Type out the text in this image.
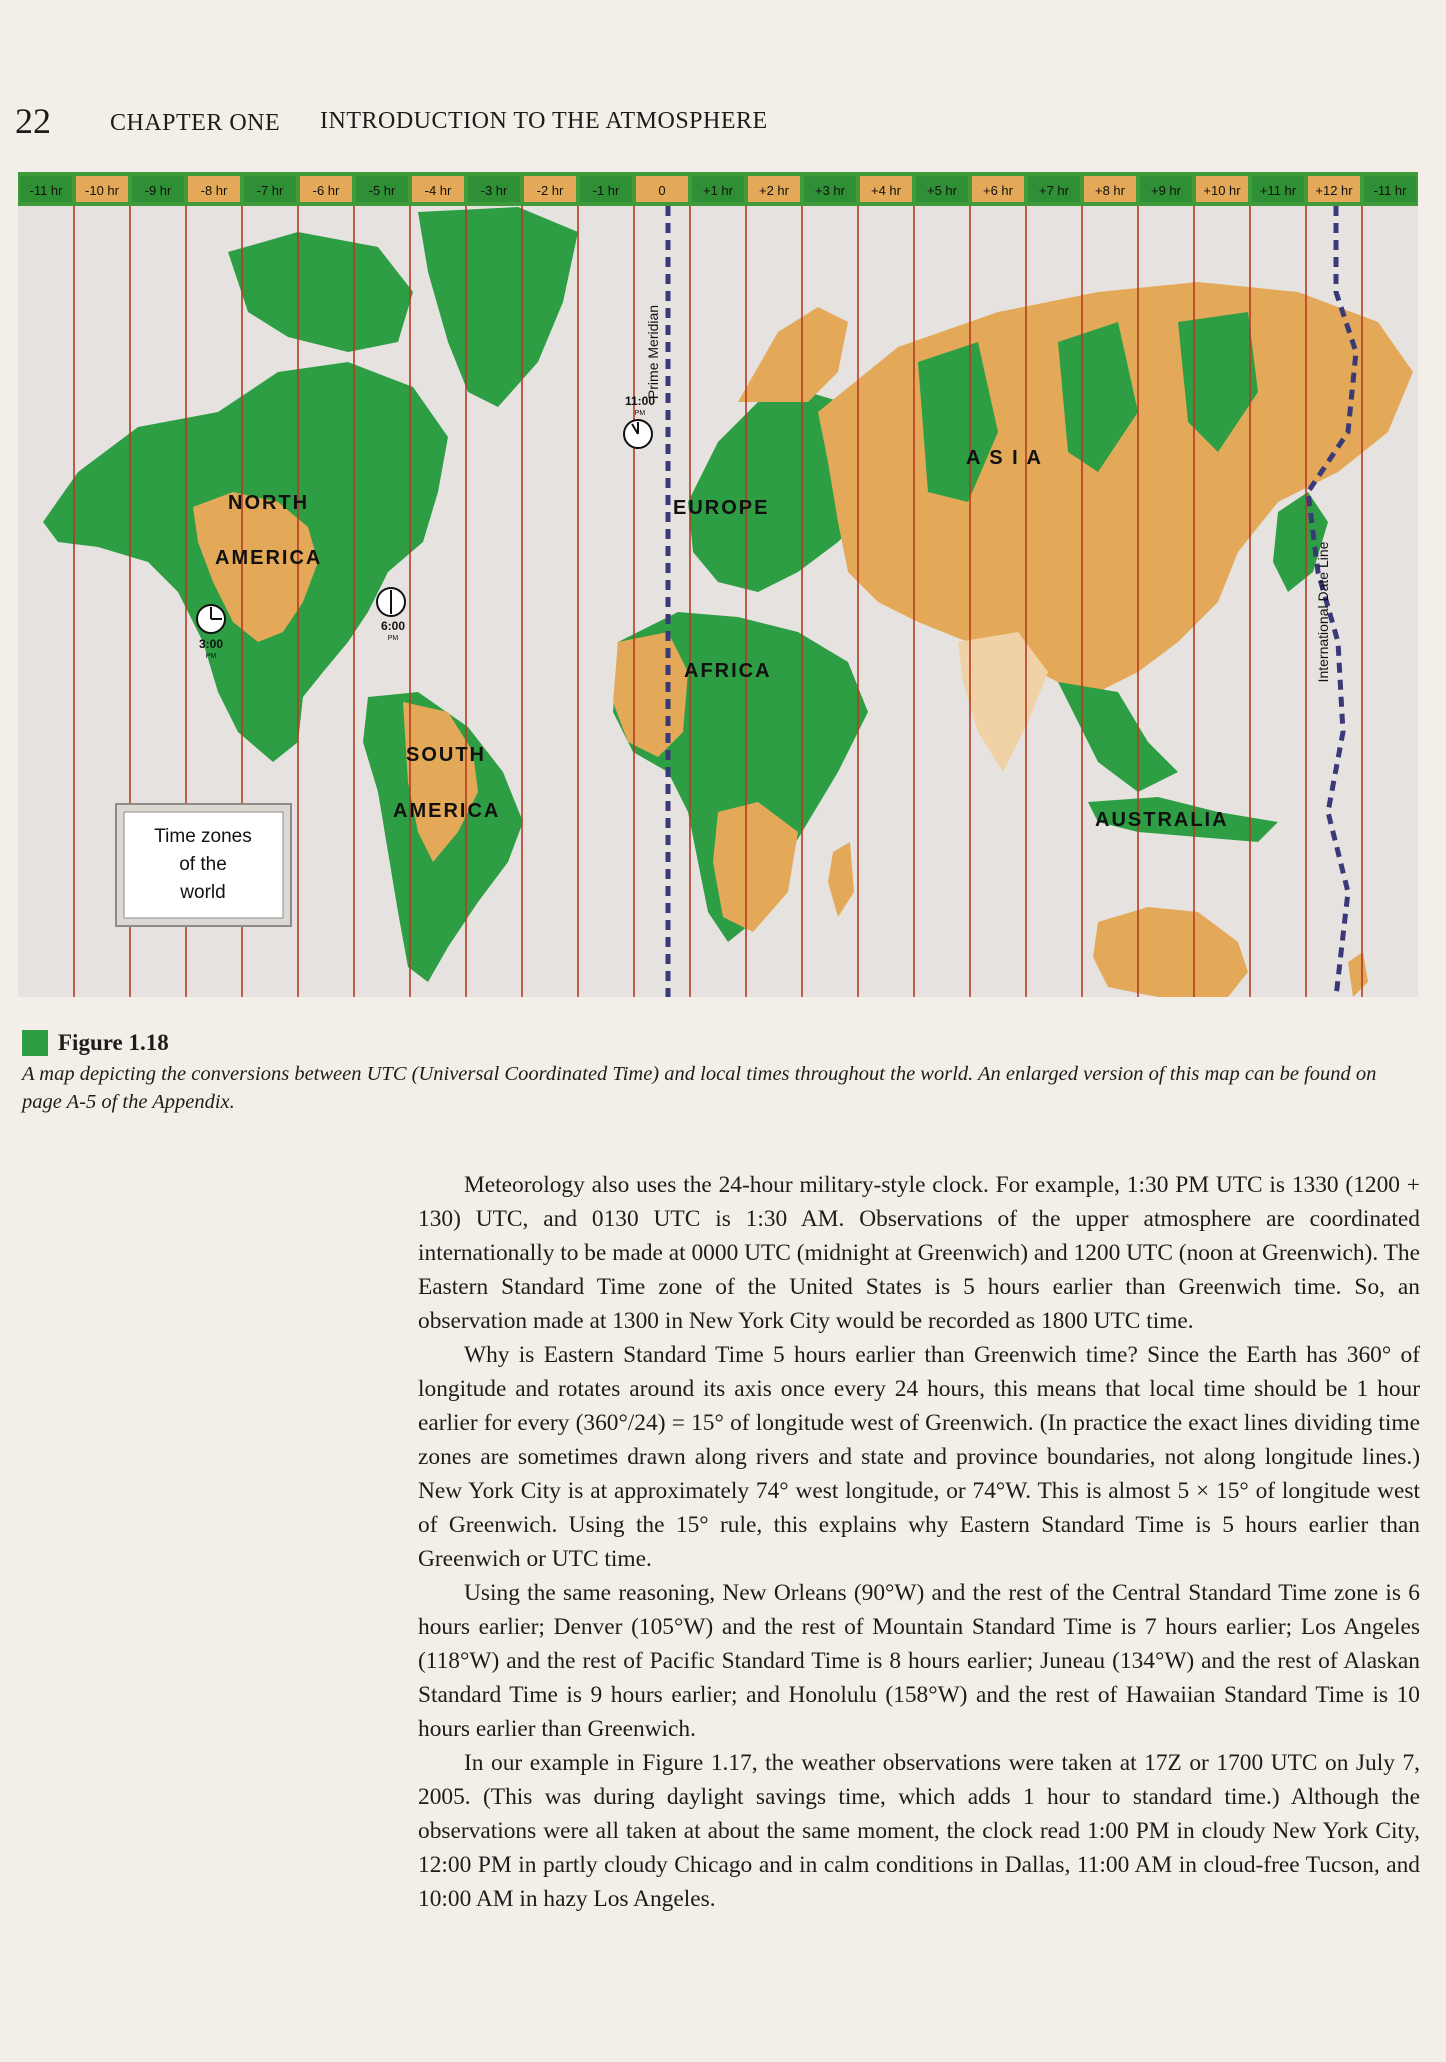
22 CHAPTER ONE INTRODUCTION TO THE ATMOSPHERE
-11 hr -10 hr -9 hr -8 hr -7 hr -6 hr -5 hr -4 hr -3 hr -2 hr -1 hr	0	+1 hr +2 hr +3 hr +4 hr +5 hr +6 hr +7 hr +8 hr +9 hr +10 hr +11 hr +12 hr -11 hr
Prime Meridian
International Date Line
NORTH
AMERICA
EUROPE
A S I A
AFRICA
SOUTH
AMERICA	AUSTRALIA
11:00
PM
6:00
PM
3:00
PM
Time zones
of the
world
Figure 1.18
A map depicting the conversions between UTC (Universal Coordinated Time) and local times throughout the world. An enlarged version of this map can be found on page A-5 of the Appendix.

Meteorology also uses the 24-hour military-style clock. For example, 1:30 PM UTC is 1330 (1200 + 130) UTC, and 0130 UTC is 1:30 AM. Observations of the upper atmosphere are coordinated internationally to be made at 0000 UTC (midnight at Greenwich) and 1200 UTC (noon at Greenwich). The Eastern Standard Time zone of the United States is 5 hours earlier than Greenwich time. So, an observation made at 1300 in New York City would be recorded as 1800 UTC time.

Why is Eastern Standard Time 5 hours earlier than Greenwich time? Since the Earth has 360° of longitude and rotates around its axis once every 24 hours, this means that local time should be 1 hour earlier for every (360°/24) = 15° of longitude west of Greenwich. (In practice the exact lines dividing time zones are sometimes drawn along rivers and state and province boundaries, not along longitude lines.) New York City is at approximately 74° west longitude, or 74°W. This is almost 5 × 15° of longitude west of Greenwich. Using the 15° rule, this explains why Eastern Standard Time is 5 hours earlier than Greenwich or UTC time.

Using the same reasoning, New Orleans (90°W) and the rest of the Central Standard Time zone is 6 hours earlier; Denver (105°W) and the rest of Mountain Standard Time is 7 hours earlier; Los Angeles (118°W) and the rest of Pacific Standard Time is 8 hours earlier; Juneau (134°W) and the rest of Alaskan Standard Time is 9 hours earlier; and Honolulu (158°W) and the rest of Hawaiian Standard Time is 10 hours earlier than Greenwich.

In our example in Figure 1.17, the weather observations were taken at 17Z or 1700 UTC on July 7, 2005. (This was during daylight savings time, which adds 1 hour to standard time.) Although the observations were all taken at about the same moment, the clock read 1:00 PM in cloudy New York City, 12:00 PM in partly cloudy Chicago and in calm conditions in Dallas, 11:00 AM in cloud-free Tucson, and 10:00 AM in hazy Los Angeles.
